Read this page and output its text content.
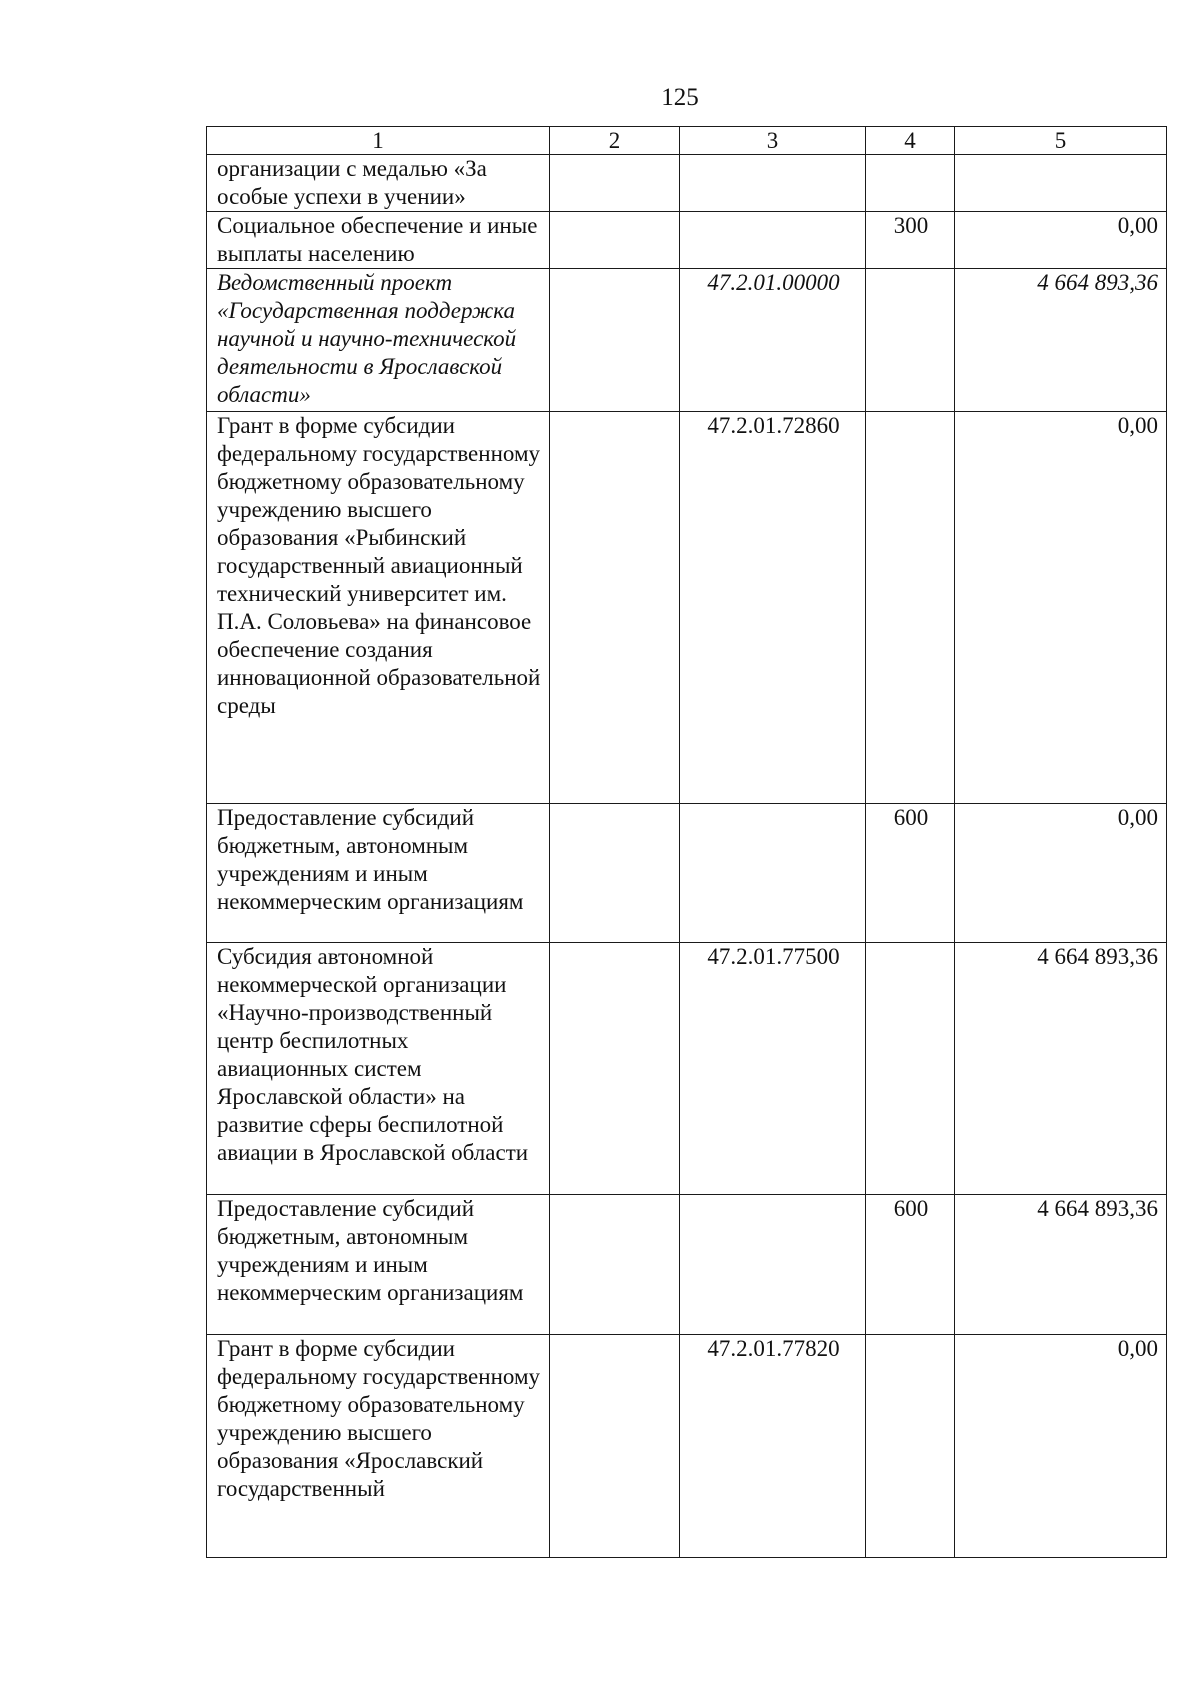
125
1	2	3	4	5
организации с медалью «За особые успехи в учении»				
Социальное обеспечение и иные выплаты населению			300	0,00
Ведомственный проект «Государственная поддержка научной и научно-технической деятельности в Ярославской области»		47.2.01.00000		4 664 893,36
Грант в форме субсидии федеральному государственному бюджетному образовательному учреждению высшего образования «Рыбинский государственный авиационный технический университет им. П.А. Соловьева» на финансовое обеспечение создания инновационной образовательной среды		47.2.01.72860		0,00
Предоставление субсидий бюджетным, автономным учреждениям и иным некоммерческим организациям			600	0,00
Субсидия автономной некоммерческой организации «Научно-производственный центр беспилотных авиационных систем Ярославской области» на развитие сферы беспилотной авиации в Ярославской области		47.2.01.77500		4 664 893,36
Предоставление субсидий бюджетным, автономным учреждениям и иным некоммерческим организациям			600	4 664 893,36
Грант в форме субсидии федеральному государственному бюджетному образовательному учреждению высшего образования «Ярославский государственный		47.2.01.77820		0,00
